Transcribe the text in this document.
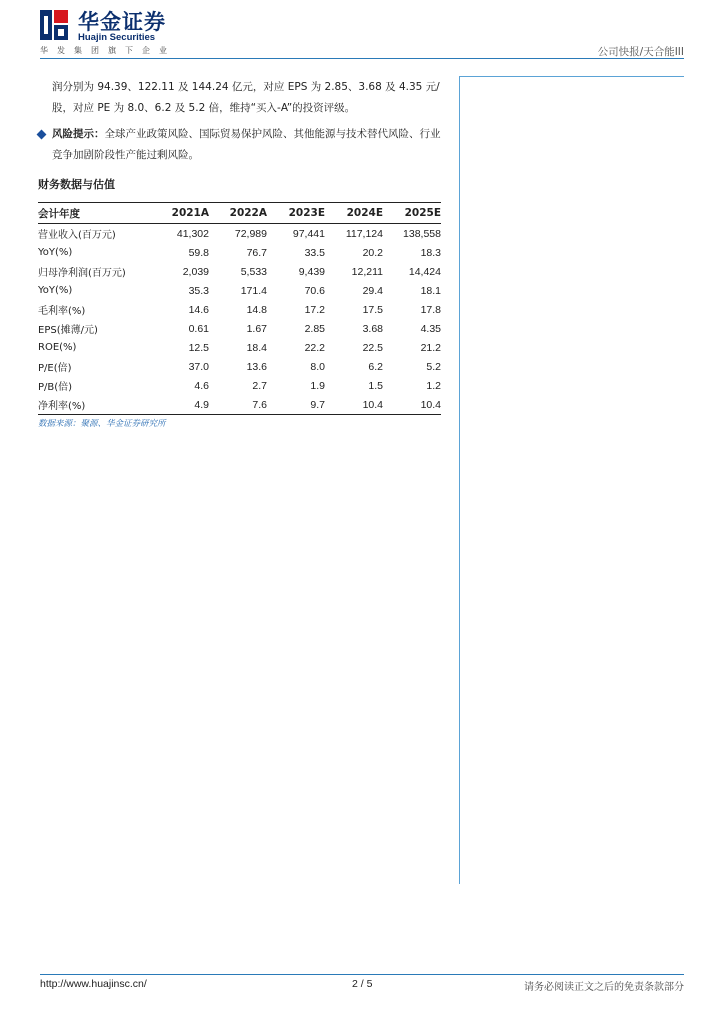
华金证券
Huajin Securities
华发集团旗下企业	公司快报/天合能III
润分别为 94.39、122.11 及 144.24 亿元，对应 EPS 为 2.85、3.68 及 4.35 元/股，对应 PE 为 8.0、6.2 及 5.2 倍，维持“买入-A”的投资评级。
风险提示：全球产业政策风险、国际贸易保护风险、其他能源与技术替代风险、行业竞争加剧阶段性产能过剩风险。
财务数据与估值
会计年度	2021A	2022A	2023E	2024E	2025E
营业收入(百万元)	41,302	72,989	97,441	117,124	138,558
YoY(%)	59.8	76.7	33.5	20.2	18.3
归母净利润(百万元)	2,039	5,533	9,439	12,211	14,424
YoY(%)	35.3	171.4	70.6	29.4	18.1
毛利率(%)	14.6	14.8	17.2	17.5	17.8
EPS(摊薄/元)	0.61	1.67	2.85	3.68	4.35
ROE(%)	12.5	18.4	22.2	22.5	21.2
P/E(倍)	37.0	13.6	8.0	6.2	5.2
P/B(倍)	4.6	2.7	1.9	1.5	1.2
净利率(%)	4.9	7.6	9.7	10.4	10.4
数据来源：聚源、华金证券研究所
http://www.huajinsc.cn/	2 / 5	请务必阅读正文之后的免责条款部分
